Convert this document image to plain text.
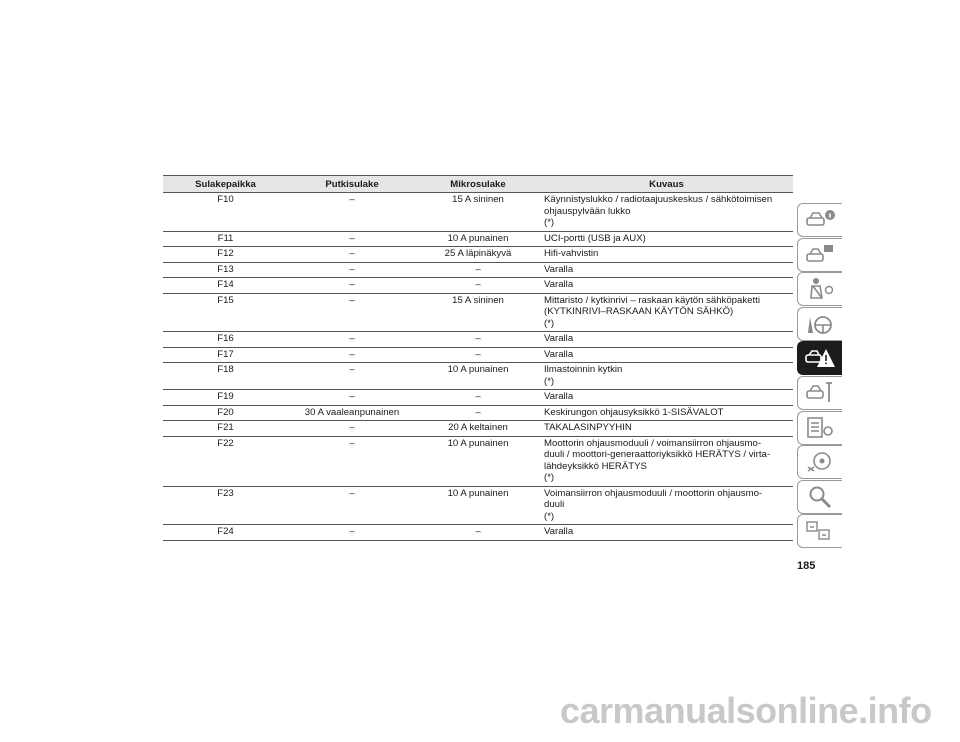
Sulakepaikka	Putkisulake	Mikrosulake	Kuvaus
F10	–	15 A sininen	Käynnistyslukko / radiotaajuuskeskus / sähkötoimisen
ohjauspylvään lukko
(*)

F11	–	10 A punainen	UCI-portti (USB ja AUX)

F12	–	25 A läpinäkyvä	Hifi-vahvistin

F13	–	–	Varalla

F14	–	–	Varalla

F15	–	15 A sininen	Mittaristo / kytkinrivi – raskaan käytön sähköpaketti
(KYTKINRIVI–RASKAAN KÄYTÖN SÄHKÖ)
(*)

F16	–	–	Varalla

F17	–	–	Varalla

F18	–	10 A punainen	Ilmastoinnin kytkin
(*)

F19	–	–	Varalla

F20	30 A vaaleanpunainen	–	Keskirungon ohjausyksikkö 1-SISÄVALOT

F21	–	20 A keltainen	TAKALASINPYYHIN

F22	–	10 A punainen	Moottorin ohjausmoduuli / voimansiirron ohjausmo-
duuli / moottori-generaattoriyksikkö HERÄTYS / virta-
lähdeyksikkö HERÄTYS
(*)

F23	–	10 A punainen	Voimansiirron ohjausmoduuli / moottorin ohjausmo-
duuli
(*)

F24	–	–	Varalla
185
carmanualsonline.info
